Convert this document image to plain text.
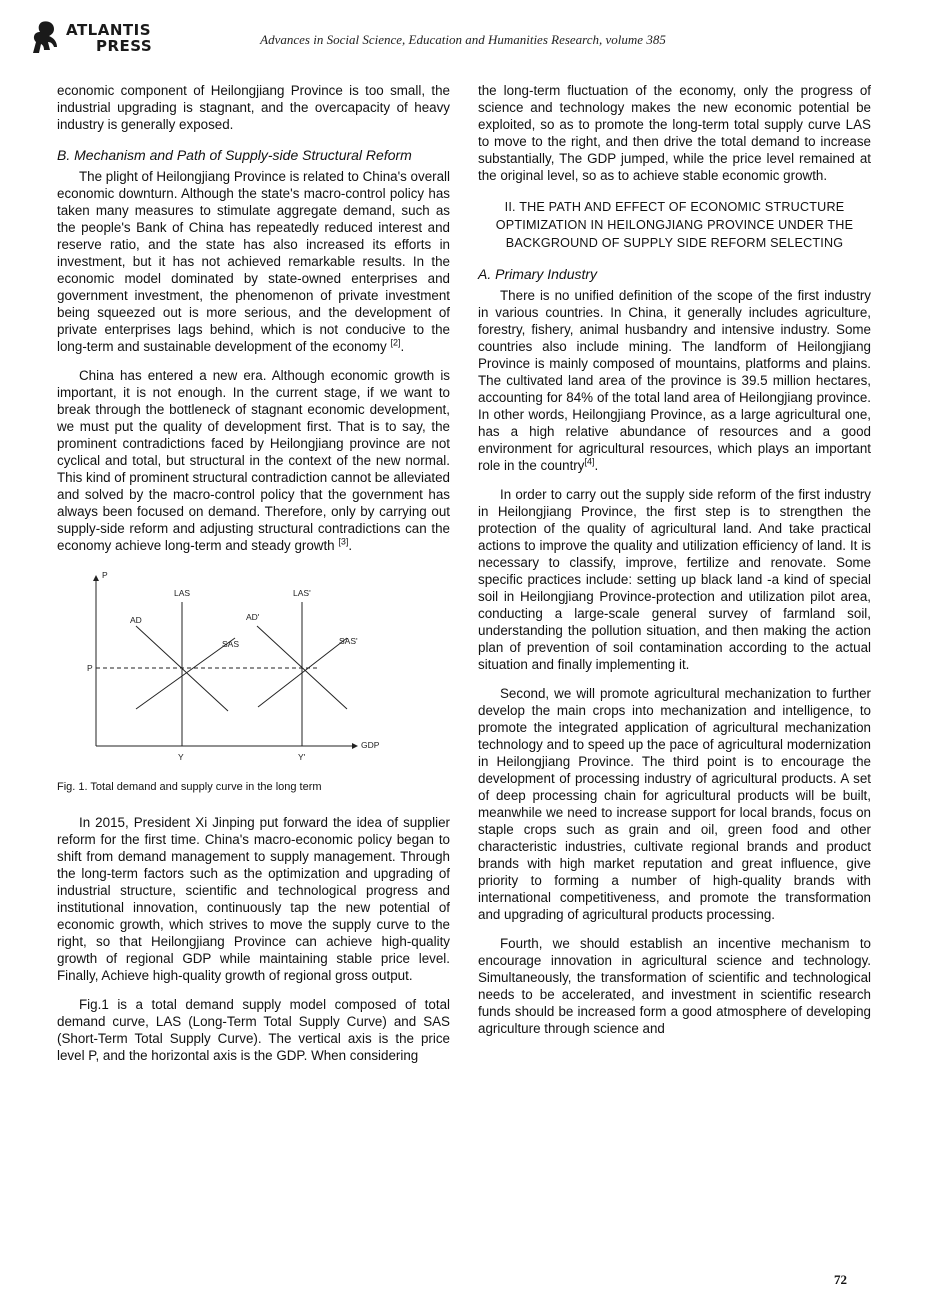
ATLANTIS
PRESS	Advances in Social Science, Education and Humanities Research, volume 385

economic component of Heilongjiang Province is too small, the industrial upgrading is stagnant, and the overcapacity of heavy industry is generally exposed.

B. Mechanism and Path of Supply-side Structural Reform

The plight of Heilongjiang Province is related to China's overall economic downturn. Although the state's macro-control policy has taken many measures to stimulate aggregate demand, such as the people's Bank of China has repeatedly reduced interest and reserve ratio, and the state has also increased its efforts in investment, but it has not achieved remarkable results. In the economic model dominated by state-owned enterprises and government investment, the phenomenon of private investment being squeezed out is more serious, and the development of private enterprises lags behind, which is not conducive to the long-term and sustainable development of the economy [2].

China has entered a new era. Although economic growth is important, it is not enough. In the current stage, if we want to break through the bottleneck of stagnant economic development, we must put the quality of development first. That is to say, the prominent contradictions faced by Heilongjiang province are not cyclical and total, but structural in the context of the new normal. This kind of prominent structural contradiction cannot be alleviated and solved by the macro-control policy that the government has always been focused on demand. Therefore, only by carrying out supply-side reform and adjusting structural contradictions can the economy achieve long-term and steady growth [3].

P
GDP
LAS	LAS'
AD	AD'
SAS	SAS'
P
Y	Y'
Fig. 1. Total demand and supply curve in the long term

In 2015, President Xi Jinping put forward the idea of supplier reform for the first time. China's macro-economic policy began to shift from demand management to supply management. Through the long-term factors such as the optimization and upgrading of industrial structure, scientific and technological progress and institutional innovation, continuously tap the new potential of economic growth, which strives to move the supply curve to the right, so that Heilongjiang Province can achieve high-quality growth of regional GDP while maintaining stable price level. Finally, Achieve high-quality growth of regional gross output.

Fig.1 is a total demand supply model composed of total demand curve, LAS (Long-Term Total Supply Curve) and SAS (Short-Term Total Supply Curve). The vertical axis is the price level P, and the horizontal axis is the GDP. When considering

the long-term fluctuation of the economy, only the progress of science and technology makes the new economic potential be exploited, so as to promote the long-term total supply curve LAS to move to the right, and then drive the total demand to increase substantially, The GDP jumped, while the price level remained at the original level, so as to achieve stable economic growth.

II. THE PATH AND EFFECT OF ECONOMIC STRUCTURE
OPTIMIZATION IN HEILONGJIANG PROVINCE UNDER THE
BACKGROUND OF SUPPLY SIDE REFORM SELECTING
A. Primary Industry

There is no unified definition of the scope of the first industry in various countries. In China, it generally includes agriculture, forestry, fishery, animal husbandry and intensive industry. Some countries also include mining. The landform of Heilongjiang Province is mainly composed of mountains, platforms and plains. The cultivated land area of the province is 39.5 million hectares, accounting for 84% of the total land area of Heilongjiang province. In other words, Heilongjiang Province, as a large agricultural one, has a high relative abundance of resources and a good environment for agricultural resources, which plays an important role in the country[4].

In order to carry out the supply side reform of the first industry in Heilongjiang Province, the first step is to strengthen the protection of the quality of agricultural land. And take practical actions to improve the quality and utilization efficiency of land. It is necessary to classify, improve, fertilize and renovate. Some specific practices include: setting up black land -a kind of special soil in Heilongjiang Province-protection and utilization pilot area, conducting a large-scale general survey of farmland soil, understanding the pollution situation, and then making the action plan of prevention of soil contamination according to the actual situation and finally implementing it.

Second, we will promote agricultural mechanization to further develop the main crops into mechanization and intelligence, to promote the integrated application of agricultural mechanization technology and to speed up the pace of agricultural modernization in Heilongjiang Province. The third point is to encourage the development of processing industry of agricultural products. A set of deep processing chain for agricultural products will be built, meanwhile we need to increase support for local brands, focus on staple crops such as grain and oil, green food and other characteristic industries, cultivate regional brands and product brands with high market reputation and great influence, give priority to forming a number of high-quality brands with international competitiveness, and promote the transformation and upgrading of agricultural products processing.

Fourth, we should establish an incentive mechanism to encourage innovation in agricultural science and technology. Simultaneously, the transformation of scientific and technological needs to be accelerated, and investment in scientific research funds should be increased form a good atmosphere of developing agriculture through science and

72
